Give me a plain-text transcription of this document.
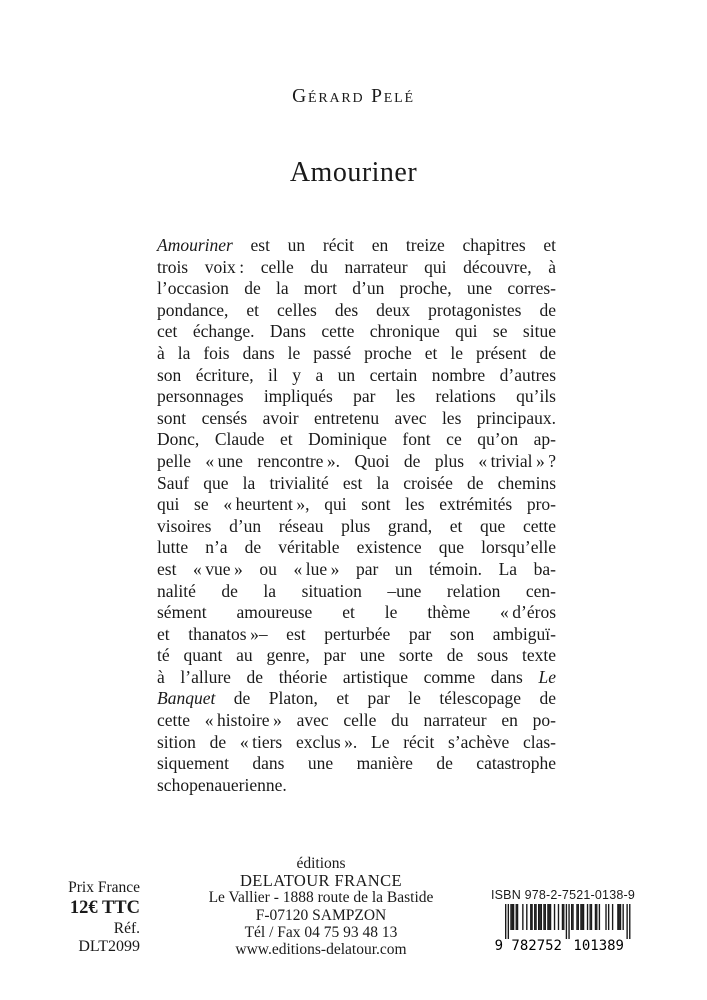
Gérard Pelé
Amouriner
Amouriner est un récit en treize chapitres et
trois voix : celle du narrateur qui découvre, à
l’occasion de la mort d’un proche, une corres-
pondance, et celles des deux protagonistes de
cet échange. Dans cette chronique qui se situe
à la fois dans le passé proche et le présent de
son écriture, il y a un certain nombre d’autres
personnages impliqués par les relations qu’ils
sont censés avoir entretenu avec les principaux.
Donc, Claude et Dominique font ce qu’on ap-
pelle « une rencontre ». Quoi de plus « trivial » ?
Sauf que la trivialité est la croisée de chemins
qui se « heurtent », qui sont les extrémités pro-
visoires d’un réseau plus grand, et que cette
lutte n’a de véritable existence que lorsqu’elle
est « vue » ou « lue » par un témoin. La ba-
nalité de la situation –une relation cen-
sément amoureuse et le thème « d’éros
et thanatos »– est perturbée par son ambiguï-
té quant au genre, par une sorte de sous texte
à l’allure de théorie artistique comme dans Le
Banquet de Platon, et par le télescopage de
cette « histoire » avec celle du narrateur en po-
sition de « tiers exclus ». Le récit s’achève clas-
siquement dans une manière de catastrophe
schopenauerienne.
Prix France
12€ TTC
Réf.
DLT2099
éditions
DELATOUR FRANCE
Le Vallier - 1888 route de la Bastide
F-07120 SAMPZON
Tél / Fax 04 75 93 48 13
www.editions-delatour.com
ISBN 978-2-7521-0138-9
9 782752 101389
